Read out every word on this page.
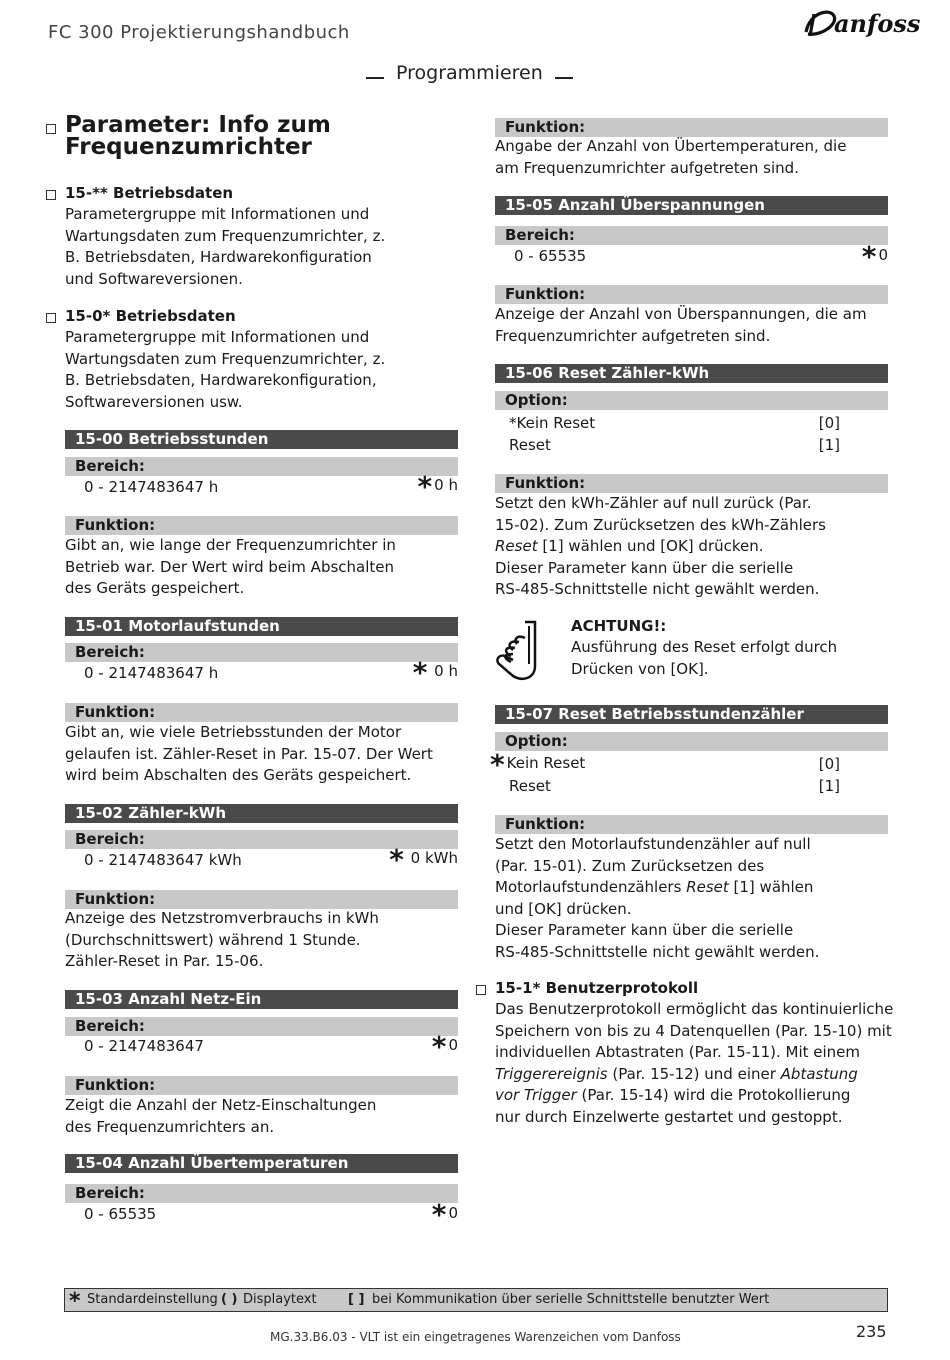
FC 300 Projektierungshandbuch	anfoss
Programmieren
Parameter: Info zum
Frequenzumrichter
15-** Betriebsdaten
Parametergruppe mit Informationen und
Wartungsdaten zum Frequenzumrichter, z.
B. Betriebsdaten, Hardwarekonfiguration
und Softwareversionen.
15-0* Betriebsdaten
Parametergruppe mit Informationen und
Wartungsdaten zum Frequenzumrichter, z.
B. Betriebsdaten, Hardwarekonfiguration,
Softwareversionen usw.
15-00 Betriebsstunden
Bereich:
0 - 2147483647 h	* 0 h
Funktion:
Gibt an, wie lange der Frequenzumrichter in
Betrieb war. Der Wert wird beim Abschalten
des Geräts gespeichert.
15-01 Motorlaufstunden
Bereich:
0 - 2147483647 h	* 0 h
Funktion:
Gibt an, wie viele Betriebsstunden der Motor
gelaufen ist. Zähler-Reset in Par. 15-07. Der Wert
wird beim Abschalten des Geräts gespeichert.
15-02 Zähler-kWh
Bereich:
0 - 2147483647 kWh	* 0 kWh
Funktion:
Anzeige des Netzstromverbrauchs in kWh
(Durchschnittswert) während 1 Stunde.
Zähler-Reset in Par. 15-06.
15-03 Anzahl Netz-Ein
Bereich:
0 - 2147483647	* 0
Funktion:
Zeigt die Anzahl der Netz-Einschaltungen
des Frequenzumrichters an.
15-04 Anzahl Übertemperaturen
Bereich:
0 - 65535	* 0
Funktion:
Angabe der Anzahl von Übertemperaturen, die
am Frequenzumrichter aufgetreten sind.
15-05 Anzahl Überspannungen
Bereich:
0 - 65535	* 0
Funktion:
Anzeige der Anzahl von Überspannungen, die am
Frequenzumrichter aufgetreten sind.
15-06 Reset Zähler-kWh
Option:
*Kein Reset	[0]
Reset	[1]
Funktion:
Setzt den kWh-Zähler auf null zurück (Par.
15-02). Zum Zurücksetzen des kWh-Zählers
Reset [1] wählen und [OK] drücken.
Dieser Parameter kann über die serielle
RS-485-Schnittstelle nicht gewählt werden.
ACHTUNG!:
Ausführung des Reset erfolgt durch
Drücken von [OK].
15-07 Reset Betriebsstundenzähler
Option:
* Kein Reset	[0]
Reset	[1]
Funktion:
Setzt den Motorlaufstundenzähler auf null
(Par. 15-01). Zum Zurücksetzen des
Motorlaufstundenzählers Reset [1] wählen
und [OK] drücken.
Dieser Parameter kann über die serielle
RS-485-Schnittstelle nicht gewählt werden.
15-1* Benutzerprotokoll
Das Benutzerprotokoll ermöglicht das kontinuierliche
Speichern von bis zu 4 Datenquellen (Par. 15-10) mit
individuellen Abtastraten (Par. 15-11). Mit einem
Triggerereignis (Par. 15-12) und einer Abtastung
vor Trigger (Par. 15-14) wird die Protokollierung
nur durch Einzelwerte gestartet und gestoppt.
* Standardeinstellung ( ) Displaytext [ ] bei Kommunikation über serielle Schnittstelle benutzter Wert
MG.33.B6.03 - VLT ist ein eingetragenes Warenzeichen vom Danfoss	235
